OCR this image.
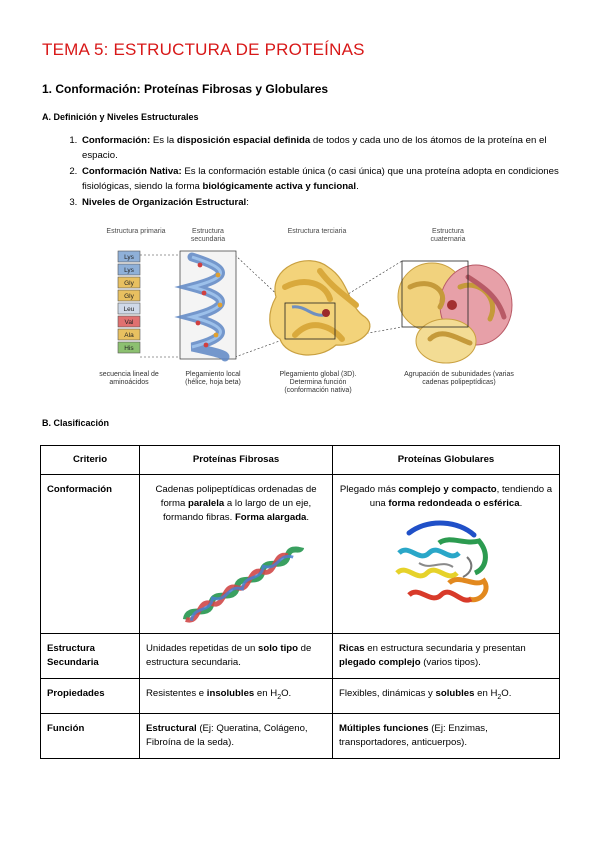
TEMA 5: ESTRUCTURA DE PROTEÍNAS
1. Conformación: Proteínas Fibrosas y Globulares
A. Definición y Niveles Estructurales
1. Conformación: Es la disposición espacial definida de todos y cada uno de los átomos de la proteína en el espacio.
2. Conformación Nativa: Es la conformación estable única (o casi única) que una proteína adopta en condiciones fisiológicas, siendo la forma biológicamente activa y funcional.
3. Niveles de Organización Estructural:
Estructura primaria	Estructura secundaria
Estructura terciaria	Estructura cuaternaria
Lys
Lys
Gly
Gly
Leu
Val
Ala
His
secuencia lineal de aminoácidos
Plegamiento local (hélice, hoja beta)
Plegamiento global (3D). Determina función (conformación nativa)
Agrupación de subunidades (varias cadenas polipeptídicas)
B. Clasificación
Criterio	Proteínas Fibrosas	Proteínas Globulares
Conformación	Cadenas polipeptídicas ordenadas de forma paralela a lo largo de un eje, formando fibras. Forma alargada.	Plegado más complejo y compacto, tendiendo a una forma redondeada o esférica.

Estructura Secundaria	Unidades repetidas de un solo tipo de estructura secundaria.	Ricas en estructura secundaria y presentan plegado complejo (varios tipos).
Propiedades	Resistentes e insolubles en $H_2O$.	Flexibles, dinámicas y solubles en $H_2O$.
Función	Estructural (Ej: Queratina, Colágeno, Fibroína de la seda).	Múltiples funciones (Ej: Enzimas, transportadores, anticuerpos).
